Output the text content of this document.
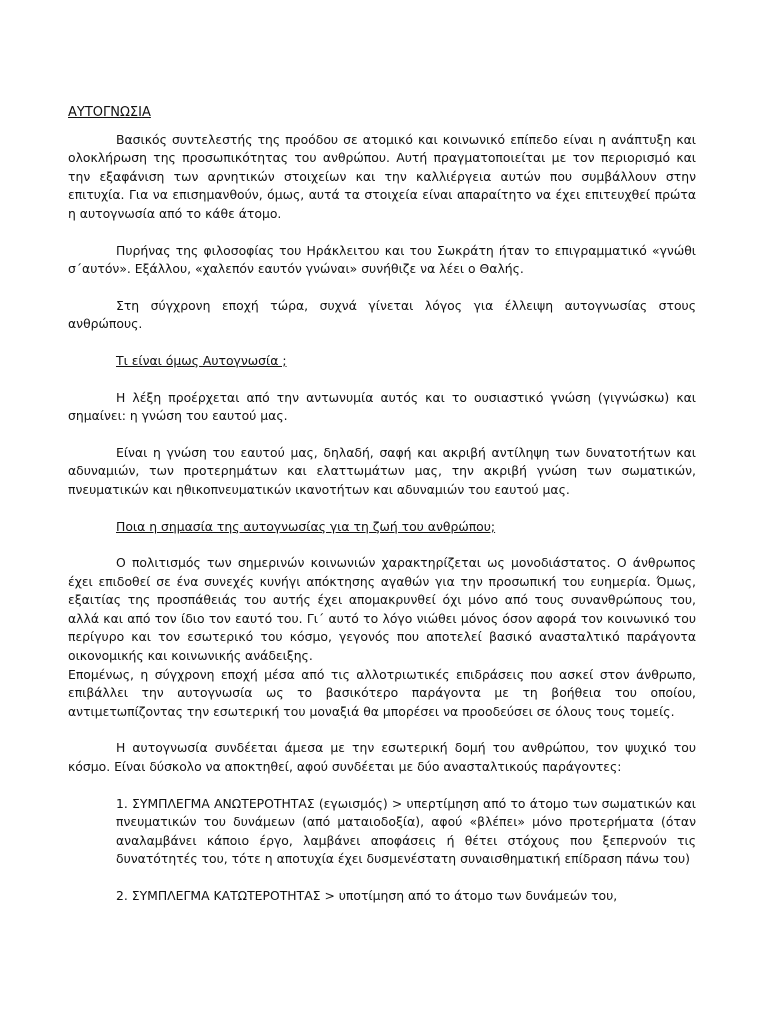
ΑΥΤΟΓΝΩΣΙΑ

Βασικός συντελεστής της προόδου σε ατομικό και κοινωνικό επίπεδο είναι η ανάπτυξη και ολοκλήρωση της προσωπικότητας του ανθρώπου. Αυτή πραγματοποιείται με τον περιορισμό και την εξαφάνιση των αρνητικών στοιχείων και την καλλιέργεια αυτών που συμβάλλουν στην επιτυχία. Για να επισημανθούν, όμως, αυτά τα στοιχεία είναι απαραίτητο να έχει επιτευχθεί πρώτα η αυτογνωσία από το κάθε άτομο.

Πυρήνας της φιλοσοφίας του Ηράκλειτου και του Σωκράτη ήταν το επιγραμματικό «γνώθι σ΄αυτόν». Εξάλλου, «χαλεπόν εαυτόν γνώναι» συνήθιζε να λέει ο Θαλής.

Στη σύγχρονη εποχή τώρα, συχνά γίνεται λόγος για έλλειψη αυτογνωσίας στους ανθρώπους.

Τι είναι όμως Αυτογνωσία ;

Η λέξη προέρχεται από την αντωνυμία αυτός και το ουσιαστικό γνώση (γιγνώσκω) και σημαίνει: η γνώση του εαυτού μας.

Είναι η γνώση του εαυτού μας, δηλαδή, σαφή και ακριβή αντίληψη των δυνατοτήτων και αδυναμιών, των προτερημάτων και ελαττωμάτων μας, την ακριβή γνώση των σωματικών, πνευματικών και ηθικοπνευματικών ικανοτήτων και αδυναμιών του εαυτού μας.

Ποια η σημασία της αυτογνωσίας για τη ζωή του ανθρώπου;

Ο πολιτισμός των σημερινών κοινωνιών χαρακτηρίζεται ως μονοδιάστατος. Ο άνθρωπος έχει επιδοθεί σε ένα συνεχές κυνήγι απόκτησης αγαθών για την προσωπική του ευημερία. Όμως, εξαιτίας της προσπάθειάς του αυτής έχει απομακρυνθεί όχι μόνο από τους συνανθρώπους του, αλλά και από τον ίδιο τον εαυτό του. Γι΄ αυτό το λόγο νιώθει μόνος όσον αφορά τον κοινωνικό του περίγυρο και τον εσωτερικό του κόσμο, γεγονός που αποτελεί βασικό ανασταλτικό παράγοντα οικονομικής και κοινωνικής ανάδειξης.

Επομένως, η σύγχρονη εποχή μέσα από τις αλλοτριωτικές επιδράσεις που ασκεί στον άνθρωπο, επιβάλλει την αυτογνωσία ως το βασικότερο παράγοντα με τη βοήθεια του οποίου, αντιμετωπίζοντας την εσωτερική του μοναξιά θα μπορέσει να προοδεύσει σε όλους τους τομείς.

Η αυτογνωσία συνδέεται άμεσα με την εσωτερική δομή του ανθρώπου, τον ψυχικό του κόσμο. Είναι δύσκολο να αποκτηθεί, αφού συνδέεται με δύο ανασταλτικούς παράγοντες:

1. ΣΥΜΠΛΕΓΜΑ ΑΝΩΤΕΡΟΤΗΤΑΣ (εγωισμός) > υπερτίμηση από το άτομο των σωματικών και πνευματικών του δυνάμεων (από ματαιοδοξία), αφού «βλέπει» μόνο προτερήματα (όταν αναλαμβάνει κάποιο έργο, λαμβάνει αποφάσεις ή θέτει στόχους που ξεπερνούν τις δυνατότητές του, τότε η αποτυχία έχει δυσμενέστατη συναισθηματική επίδραση πάνω του)
2. ΣΥΜΠΛΕΓΜΑ ΚΑΤΩΤΕΡΟΤΗΤΑΣ > υποτίμηση από το άτομο των δυνάμεών του,
